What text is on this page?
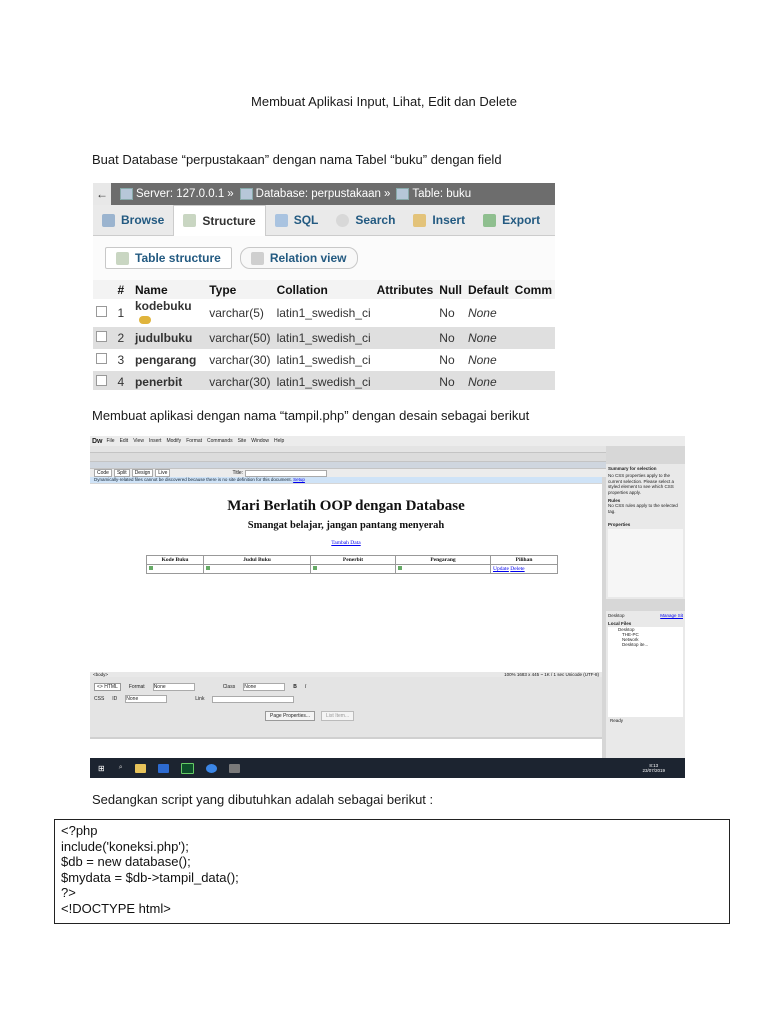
Membuat Aplikasi Input, Lihat, Edit dan Delete
Buat Database “perpustakaan” dengan nama Tabel “buku” dengan field
← Server: 127.0.0.1 » Database: perpustakaan » Table: buku
Browse	Structure	SQL	Search	Insert	Export
Table structure	Relation view
	#	Name	Type	Collation	Attributes	Null	Default	Comm
	1	kodebuku	varchar(5)	latin1_swedish_ci		No	None	
	2	judulbuku	varchar(50)	latin1_swedish_ci		No	None	
	3	pengarang	varchar(30)	latin1_swedish_ci		No	None	
	4	penerbit	varchar(30)	latin1_swedish_ci		No	None	
Membuat aplikasi dengan nama “tampil.php” dengan desain sebagai berikut
Dw File Edit View Insert Modify Format Commands Site Window Help
Code	Split	Design	Live	Title:
Dynamically-related files cannot be discovered because there is no site definition for this document. Setup
Mari Berlatih OOP dengan Database
Smangat belajar, jangan pantang menyerah
Tambah Data
Kode Buku	Judul Buku	Penerbit	Pengarang	Pilihan
				Update Delete
<body>	100% 1683 x 445 ~ 1K / 1 sec Unicode (UTF-8)
<> HTML	Format None	Class None	B I
CSS ID None	Link
Page Properties...	List Item...
Summary for selection
No CSS properties apply to the current selection. Please select a styled element to see which CSS properties apply.
Rules
No CSS rules apply to the selected tag.
Properties
Desktop	Manage Sit
Local Files
Desktop
THE-PC
Network
Desktop ite...
Ready
⊞ ⌕	8:13
23/07/2019
Sedangkan script yang dibutuhkan adalah sebagai berikut :
<?php
include('koneksi.php');
$db = new database();
$mydata = $db->tampil_data();
?>
<!DOCTYPE html>
